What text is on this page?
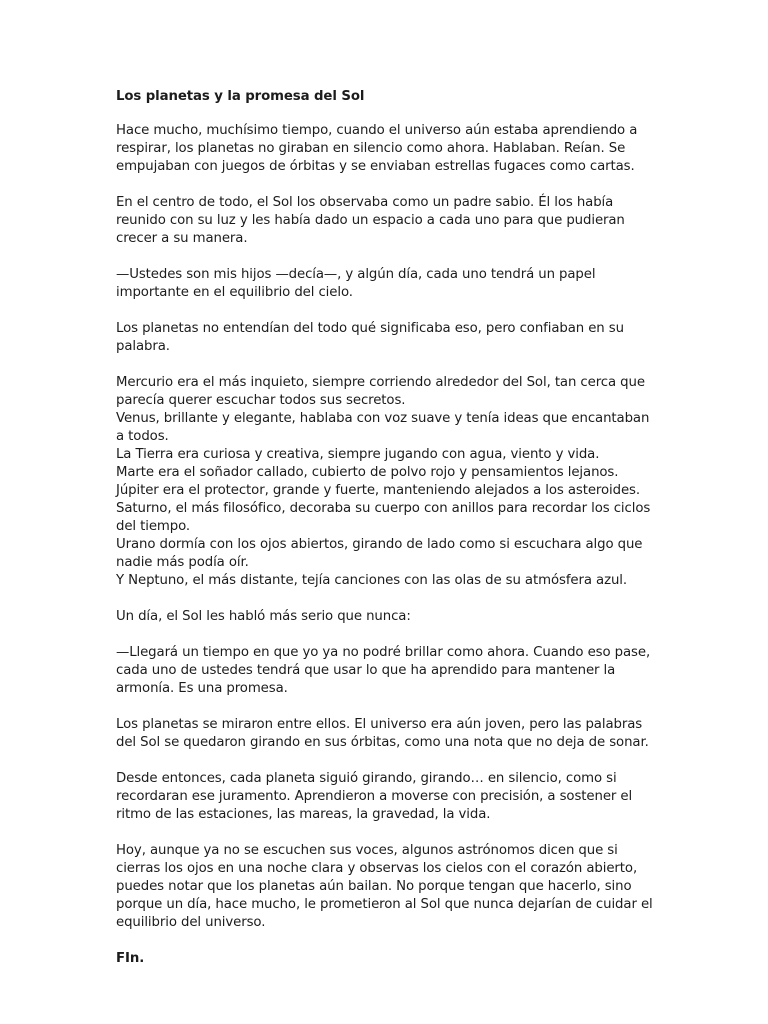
Los planetas y la promesa del Sol

Hace mucho, muchísimo tiempo, cuando el universo aún estaba aprendiendo a respirar, los planetas no giraban en silencio como ahora. Hablaban. Reían. Se empujaban con juegos de órbitas y se enviaban estrellas fugaces como cartas.

En el centro de todo, el Sol los observaba como un padre sabio. Él los había reunido con su luz y les había dado un espacio a cada uno para que pudieran crecer a su manera.

—Ustedes son mis hijos —decía—, y algún día, cada uno tendrá un papel importante en el equilibrio del cielo.

Los planetas no entendían del todo qué significaba eso, pero confiaban en su palabra.

Mercurio era el más inquieto, siempre corriendo alrededor del Sol, tan cerca que parecía querer escuchar todos sus secretos.
Venus, brillante y elegante, hablaba con voz suave y tenía ideas que encantaban a todos.
La Tierra era curiosa y creativa, siempre jugando con agua, viento y vida.
Marte era el soñador callado, cubierto de polvo rojo y pensamientos lejanos.
Júpiter era el protector, grande y fuerte, manteniendo alejados a los asteroides.
Saturno, el más filosófico, decoraba su cuerpo con anillos para recordar los ciclos del tiempo.
Urano dormía con los ojos abiertos, girando de lado como si escuchara algo que nadie más podía oír.
Y Neptuno, el más distante, tejía canciones con las olas de su atmósfera azul.

Un día, el Sol les habló más serio que nunca:

—Llegará un tiempo en que yo ya no podré brillar como ahora. Cuando eso pase, cada uno de ustedes tendrá que usar lo que ha aprendido para mantener la armonía. Es una promesa.

Los planetas se miraron entre ellos. El universo era aún joven, pero las palabras del Sol se quedaron girando en sus órbitas, como una nota que no deja de sonar.

Desde entonces, cada planeta siguió girando, girando… en silencio, como si recordaran ese juramento. Aprendieron a moverse con precisión, a sostener el ritmo de las estaciones, las mareas, la gravedad, la vida.

Hoy, aunque ya no se escuchen sus voces, algunos astrónomos dicen que si cierras los ojos en una noche clara y observas los cielos con el corazón abierto, puedes notar que los planetas aún bailan. No porque tengan que hacerlo, sino porque un día, hace mucho, le prometieron al Sol que nunca dejarían de cuidar el equilibrio del universo.

FIn.
